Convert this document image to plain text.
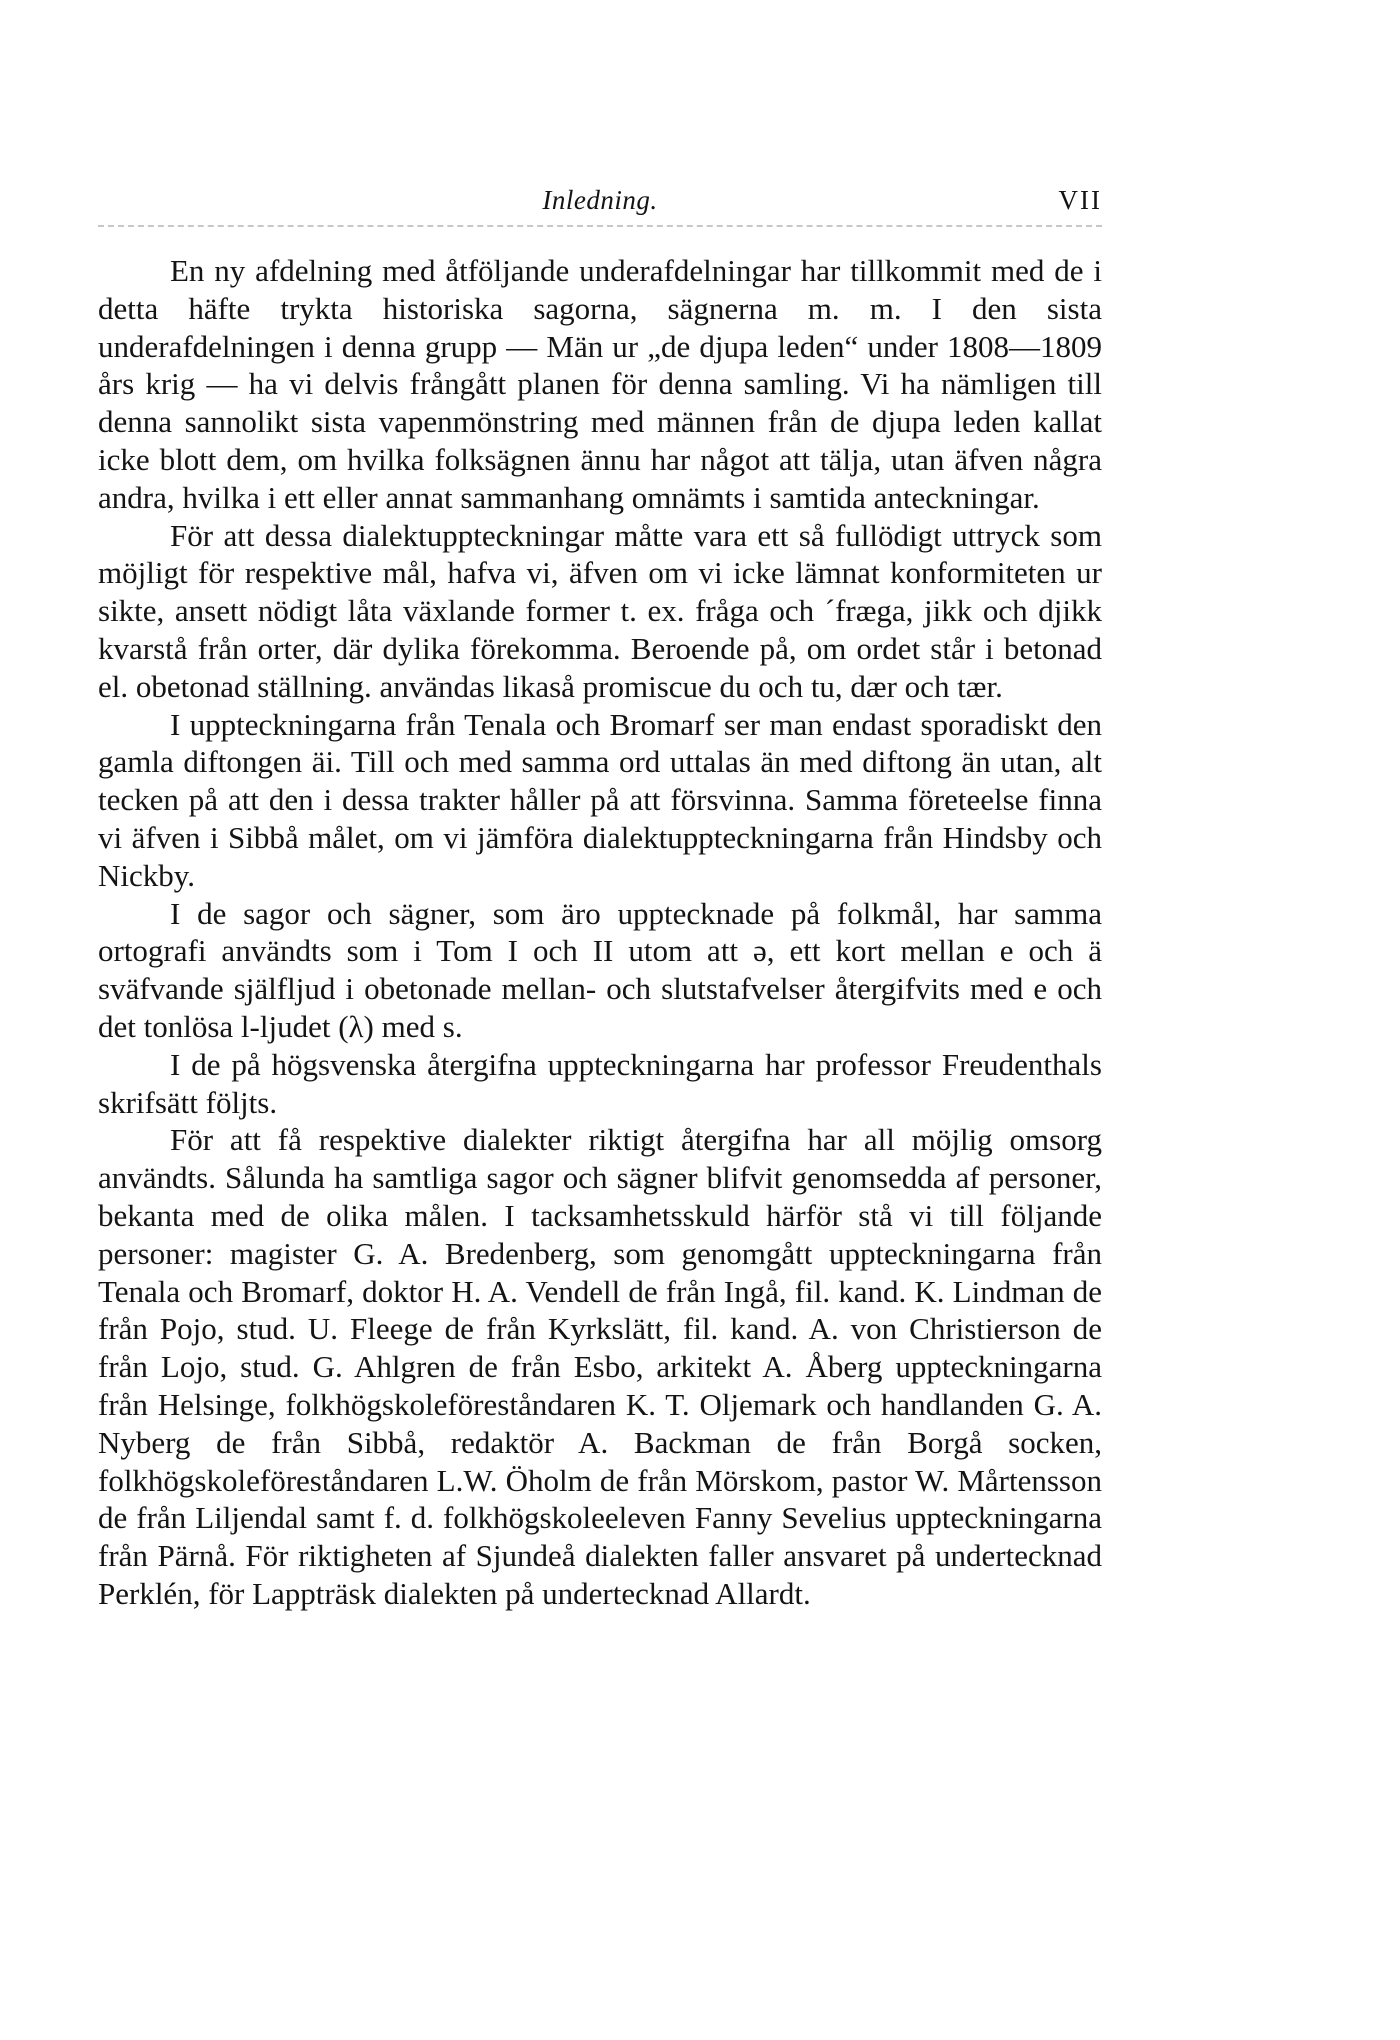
Inledning.	VII

En ny afdelning med åtföljande underafdelningar har tillkommit med de i detta häfte trykta historiska sagorna, sägnerna m. m. I den sista underafdelningen i denna grupp — Män ur „de djupa leden“ under 1808—1809 års krig — ha vi delvis frångått planen för denna samling. Vi ha nämligen till denna sannolikt sista vapenmönstring med männen från de djupa leden kallat icke blott dem, om hvilka folksägnen ännu har något att tälja, utan äfven några andra, hvilka i ett eller annat sammanhang omnämts i samtida anteckningar.

För att dessa dialektuppteckningar måtte vara ett så fullödigt uttryck som möjligt för respektive mål, hafva vi, äfven om vi icke lämnat konformiteten ur sikte, ansett nödigt låta växlande former t. ex. fråga och ´fræga, jikk och djikk kvarstå från orter, där dylika förekomma. Beroende på, om ordet står i betonad el. obetonad ställning. användas likaså promiscue du och tu, dær och tær.

I uppteckningarna från Tenala och Bromarf ser man endast sporadiskt den gamla diftongen äi. Till och med samma ord uttalas än med diftong än utan, alt tecken på att den i dessa trakter håller på att försvinna. Samma företeelse finna vi äfven i Sibbå målet, om vi jämföra dialektuppteckningarna från Hindsby och Nickby.

I de sagor och sägner, som äro upptecknade på folkmål, har samma ortografi användts som i Tom I och II utom att ə, ett kort mellan e och ä sväfvande själfljud i obetonade mellan- och slutstafvelser återgifvits med e och det tonlösa l-ljudet (λ) med s.

I de på högsvenska återgifna uppteckningarna har professor Freudenthals skrifsätt följts.

För att få respektive dialekter riktigt återgifna har all möjlig omsorg användts. Sålunda ha samtliga sagor och sägner blifvit genomsedda af personer, bekanta med de olika målen. I tacksamhetsskuld härför stå vi till följande personer: magister G. A. Bredenberg, som genomgått uppteckningarna från Tenala och Bromarf, doktor H. A. Vendell de från Ingå, fil. kand. K. Lindman de från Pojo, stud. U. Fleege de från Kyrkslätt, fil. kand. A. von Christierson de från Lojo, stud. G. Ahlgren de från Esbo, arkitekt A. Åberg uppteckningarna från Helsinge, folkhögskoleföreståndaren K. T. Oljemark och handlanden G. A. Nyberg de från Sibbå, redaktör A. Backman de från Borgå socken, folkhögskoleföreståndaren L.W. Öholm de från Mörskom, pastor W. Mårtensson de från Liljendal samt f. d. folkhögskoleeleven Fanny Sevelius uppteckningarna från Pärnå. För riktigheten af Sjundeå dialekten faller ansvaret på undertecknad Perklén, för Lappträsk dialekten på undertecknad Allardt.
